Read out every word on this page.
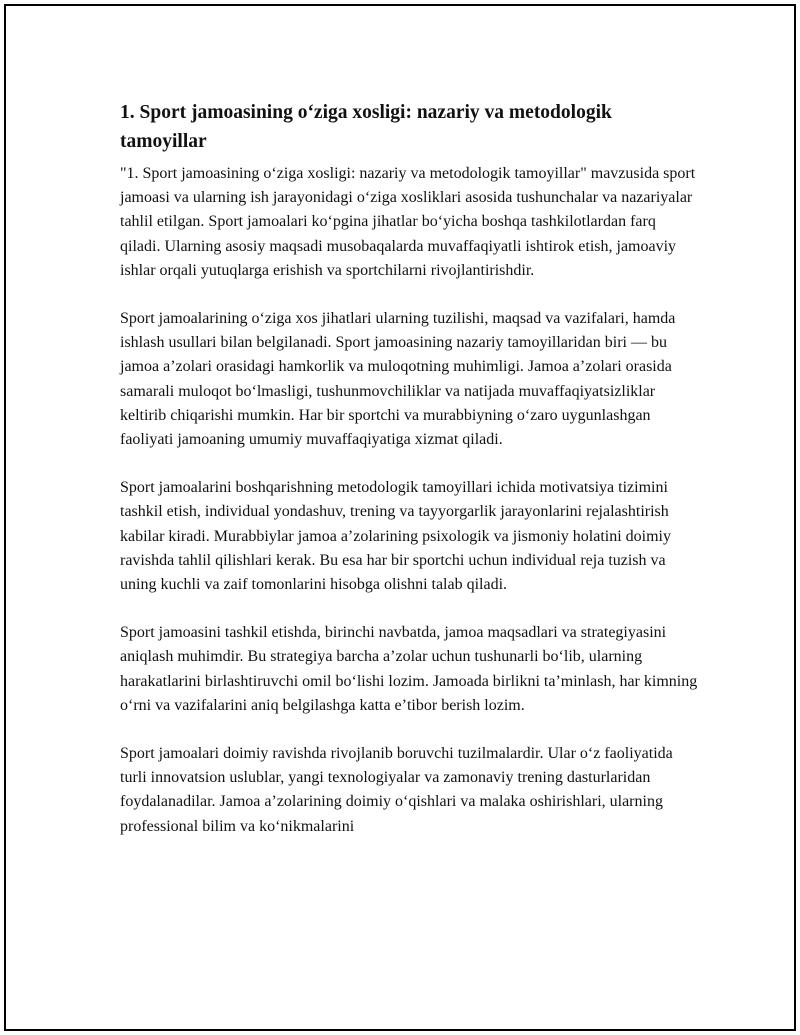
1. Sport jamoasining oʻziga xosligi: nazariy va metodologik tamoyillar

"1. Sport jamoasining oʻziga xosligi: nazariy va metodologik tamoyillar" mavzusida sport jamoasi va ularning ish jarayonidagi oʻziga xosliklari asosida tushunchalar va nazariyalar tahlil etilgan. Sport jamoalari koʻpgina jihatlar boʻyicha boshqa tashkilotlardan farq qiladi. Ularning asosiy maqsadi musobaqalarda muvaffaqiyatli ishtirok etish, jamoaviy ishlar orqali yutuqlarga erishish va sportchilarni rivojlantirishdir.

Sport jamoalarining oʻziga xos jihatlari ularning tuzilishi, maqsad va vazifalari, hamda ishlash usullari bilan belgilanadi. Sport jamoasining nazariy tamoyillaridan biri — bu jamoa aʼzolari orasidagi hamkorlik va muloqotning muhimligi. Jamoa aʼzolari orasida samarali muloqot boʻlmasligi, tushunmovchiliklar va natijada muvaffaqiyatsizliklar keltirib chiqarishi mumkin. Har bir sportchi va murabbiyning oʻzaro uygunlashgan faoliyati jamoaning umumiy muvaffaqiyatiga xizmat qiladi.

Sport jamoalarini boshqarishning metodologik tamoyillari ichida motivatsiya tizimini tashkil etish, individual yondashuv, trening va tayyorgarlik jarayonlarini rejalashtirish kabilar kiradi. Murabbiylar jamoa aʼzolarining psixologik va jismoniy holatini doimiy ravishda tahlil qilishlari kerak. Bu esa har bir sportchi uchun individual reja tuzish va uning kuchli va zaif tomonlarini hisobga olishni talab qiladi.

Sport jamoasini tashkil etishda, birinchi navbatda, jamoa maqsadlari va strategiyasini aniqlash muhimdir. Bu strategiya barcha aʼzolar uchun tushunarli boʻlib, ularning harakatlarini birlashtiruvchi omil boʻlishi lozim. Jamoada birlikni taʼminlash, har kimning oʻrni va vazifalarini aniq belgilashga katta eʼtibor berish lozim.

Sport jamoalari doimiy ravishda rivojlanib boruvchi tuzilmalardir. Ular oʻz faoliyatida turli innovatsion uslublar, yangi texnologiyalar va zamonaviy trening dasturlaridan foydalanadilar. Jamoa aʼzolarining doimiy oʻqishlari va malaka oshirishlari, ularning professional bilim va koʻnikmalarini
